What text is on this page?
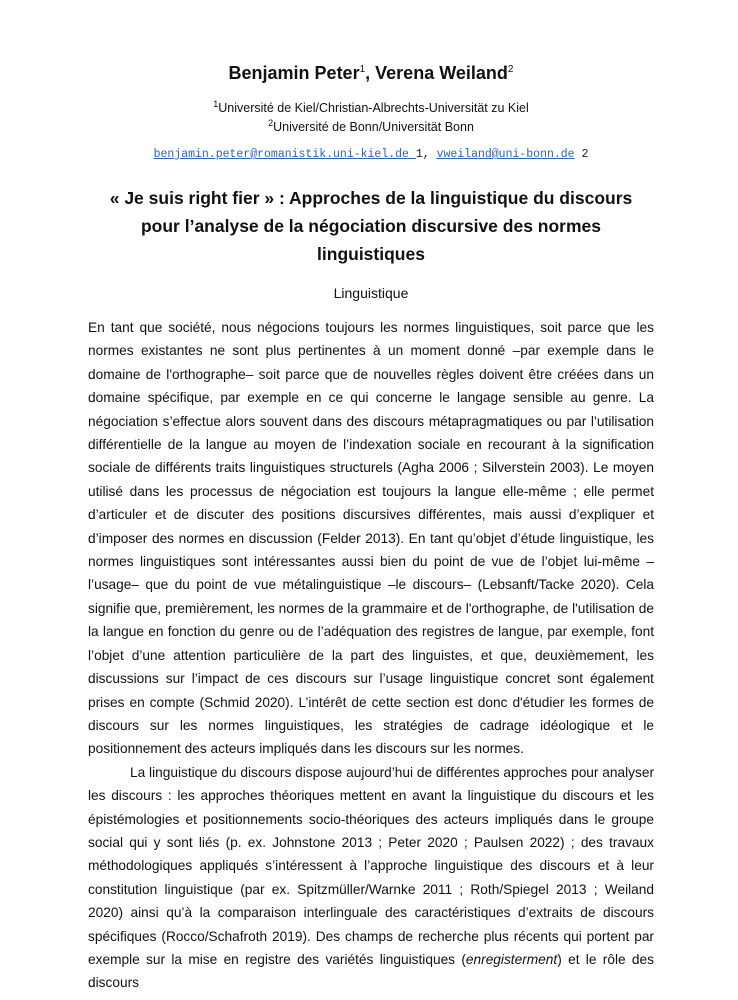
Benjamin Peter$^1$, Verena Weiland$^2$

$^1$Université de Kiel/Christian-Albrechts-Universität zu Kiel
$^2$Université de Bonn/Universität Bonn
benjamin.peter@romanistik.uni-kiel.de 1, vweiland@uni-bonn.de 2
« Je suis right fier » : Approches de la linguistique du discours pour l’analyse de la négociation discursive des normes linguistiques
Linguistique

En tant que société, nous négocions toujours les normes linguistiques, soit parce que les normes existantes ne sont plus pertinentes à un moment donné –par exemple dans le domaine de l'orthographe– soit parce que de nouvelles règles doivent être créées dans un domaine spécifique, par exemple en ce qui concerne le langage sensible au genre. La négociation s’effectue alors souvent dans des discours métapragmatiques ou par l’utilisation différentielle de la langue au moyen de l’indexation sociale en recourant à la signification sociale de différents traits linguistiques structurels (Agha 2006 ; Silverstein 2003). Le moyen utilisé dans les processus de négociation est toujours la langue elle-même ; elle permet d’articuler et de discuter des positions discursives différentes, mais aussi d’expliquer et d’imposer des normes en discussion (Felder 2013). En tant qu’objet d’étude linguistique, les normes linguistiques sont intéressantes aussi bien du point de vue de l’objet lui-même –l’usage– que du point de vue métalinguistique –le discours– (Lebsanft/Tacke 2020). Cela signifie que, premièrement, les normes de la grammaire et de l'orthographe, de l'utilisation de la langue en fonction du genre ou de l’adéquation des registres de langue, par exemple, font l’objet d’une attention particulière de la part des linguistes, et que, deuxièmement, les discussions sur l’impact de ces discours sur l’usage linguistique concret sont également prises en compte (Schmid 2020). L’intérêt de cette section est donc d'étudier les formes de discours sur les normes linguistiques, les stratégies de cadrage idéologique et le positionnement des acteurs impliqués dans les discours sur les normes.

La linguistique du discours dispose aujourd’hui de différentes approches pour analyser les discours : les approches théoriques mettent en avant la linguistique du discours et les épistémologies et positionnements socio-théoriques des acteurs impliqués dans le groupe social qui y sont liés (p. ex. Johnstone 2013 ; Peter 2020 ; Paulsen 2022) ; des travaux méthodologiques appliqués s’intéressent à l’approche linguistique des discours et à leur constitution linguistique (par ex. Spitzmüller/Warnke 2011 ; Roth/Spiegel 2013 ; Weiland 2020) ainsi qu’à la comparaison interlinguale des caractéristiques d’extraits de discours spécifiques (Rocco/Schafroth 2019). Des champs de recherche plus récents qui portent par exemple sur la mise en registre des variétés linguistiques (enregisterment) et le rôle des discours
